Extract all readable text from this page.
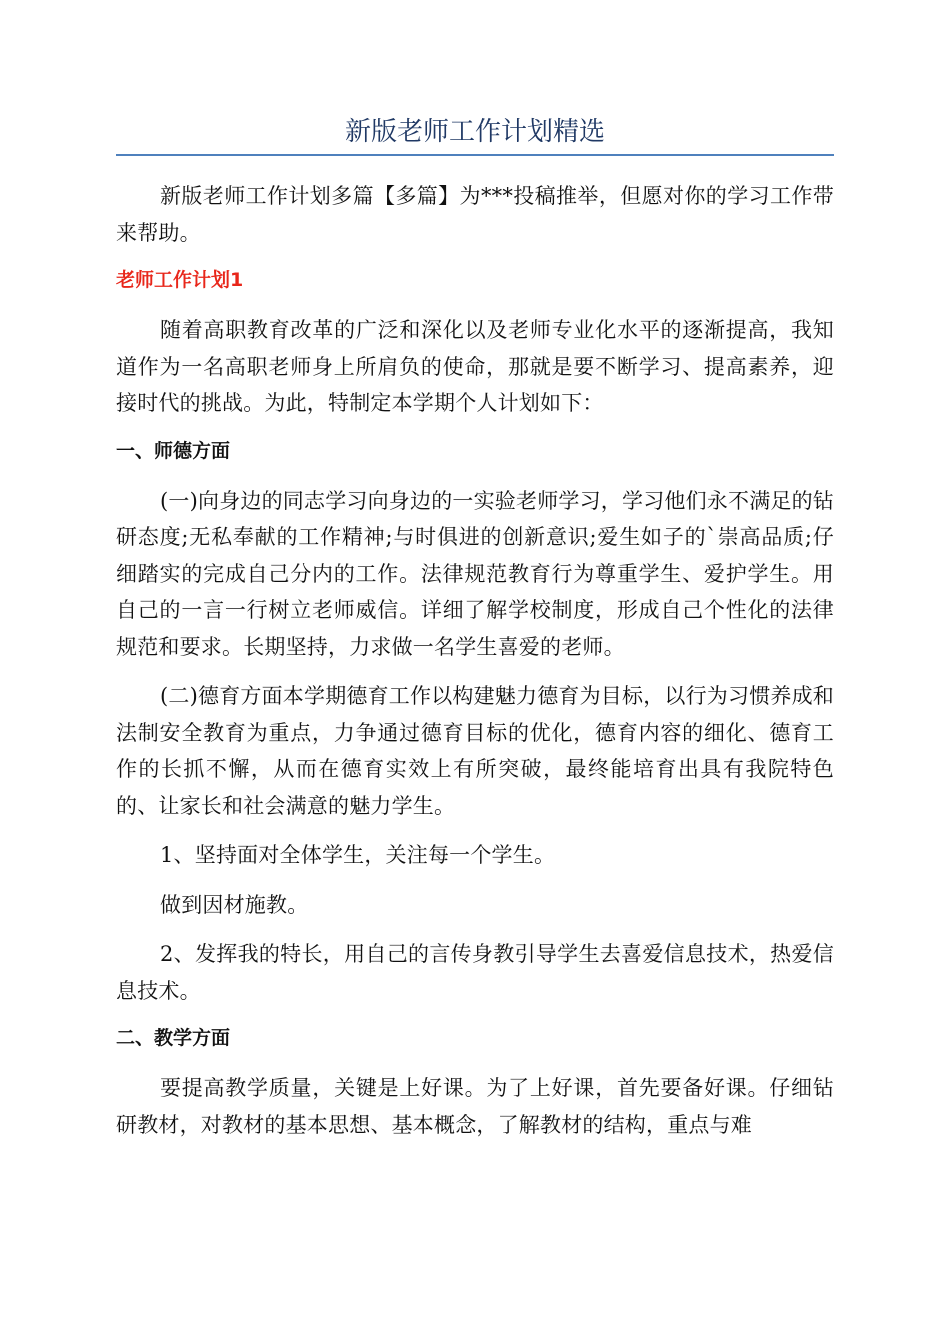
新版老师工作计划精选

新版老师工作计划多篇【多篇】为***投稿推举，但愿对你的学习工作带来帮助。

老师工作计划1

随着高职教育改革的广泛和深化以及老师专业化水平的逐渐提高，我知道作为一名高职老师身上所肩负的使命，那就是要不断学习、提高素养，迎接时代的挑战。为此，特制定本学期个人计划如下：

一、师德方面

(一)向身边的同志学习向身边的一实验老师学习，学习他们永不满足的钻研态度;无私奉献的工作精神;与时俱进的创新意识;爱生如子的`崇高品质;仔细踏实的完成自己分内的工作。法律规范教育行为尊重学生、爱护学生。用自己的一言一行树立老师威信。详细了解学校制度，形成自己个性化的法律规范和要求。长期坚持，力求做一名学生喜爱的老师。

(二)德育方面本学期德育工作以构建魅力德育为目标，以行为习惯养成和法制安全教育为重点，力争通过德育目标的优化，德育内容的细化、德育工作的长抓不懈，从而在德育实效上有所突破，最终能培育出具有我院特色的、让家长和社会满意的魅力学生。

1、坚持面对全体学生，关注每一个学生。

做到因材施教。

2、发挥我的特长，用自己的言传身教引导学生去喜爱信息技术，热爱信息技术。

二、教学方面

要提高教学质量，关键是上好课。为了上好课，首先要备好课。仔细钻研教材，对教材的基本思想、基本概念，了解教材的结构，重点与难
